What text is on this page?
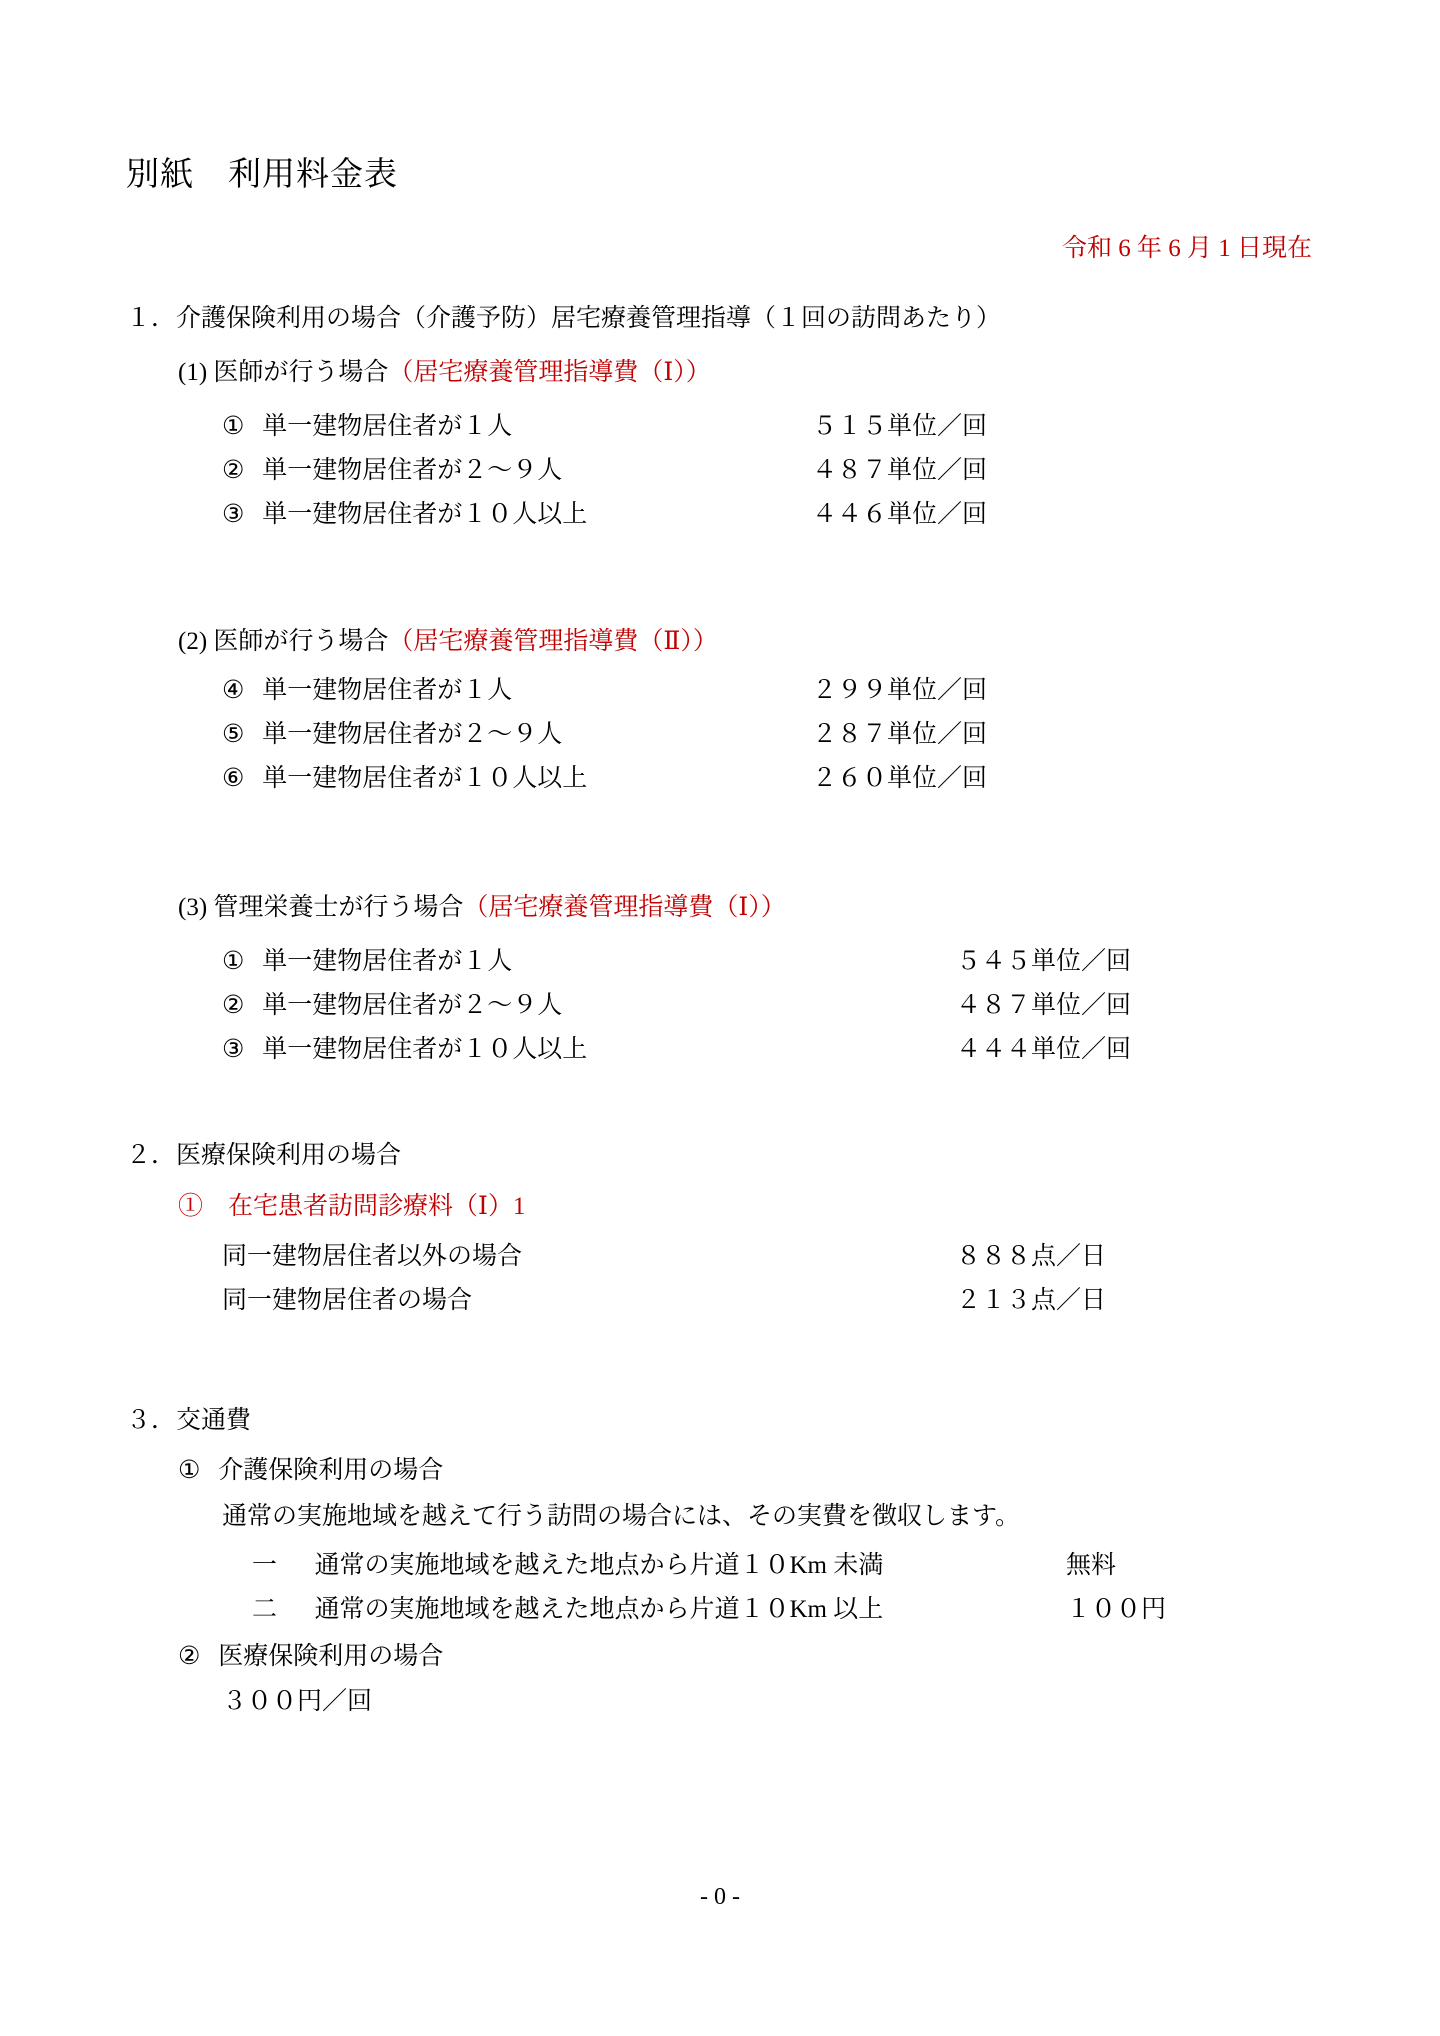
別紙 利用料金表
令和 6 年 6 月 1 日現在
１．介護保険利用の場合（介護予防）居宅療養管理指導（１回の訪問あたり）
(1) 医師が行う場合（居宅療養管理指導費（Ⅰ））
① 単一建物居住者が１人	５１５単位／回
② 単一建物居住者が２～９人	４８７単位／回
③ 単一建物居住者が１０人以上	４４６単位／回
(2) 医師が行う場合（居宅療養管理指導費（Ⅱ））
④ 単一建物居住者が１人	２９９単位／回
⑤ 単一建物居住者が２～９人	２８７単位／回
⑥ 単一建物居住者が１０人以上	２６０単位／回
(3) 管理栄養士が行う場合（居宅療養管理指導費（Ⅰ））
① 単一建物居住者が１人	５４５単位／回
② 単一建物居住者が２～９人	４８７単位／回
③ 単一建物居住者が１０人以上	４４４単位／回
２．医療保険利用の場合
①　在宅患者訪問診療料（Ⅰ）1
同一建物居住者以外の場合	８８８点／日
同一建物居住者の場合	２１３点／日
３．交通費
① 介護保険利用の場合
通常の実施地域を越えて行う訪問の場合には、その実費を徴収します。
一 通常の実施地域を越えた地点から片道１０Km 未満	無料
二 通常の実施地域を越えた地点から片道１０Km 以上	１００円
② 医療保険利用の場合
３００円／回
- 0 -
